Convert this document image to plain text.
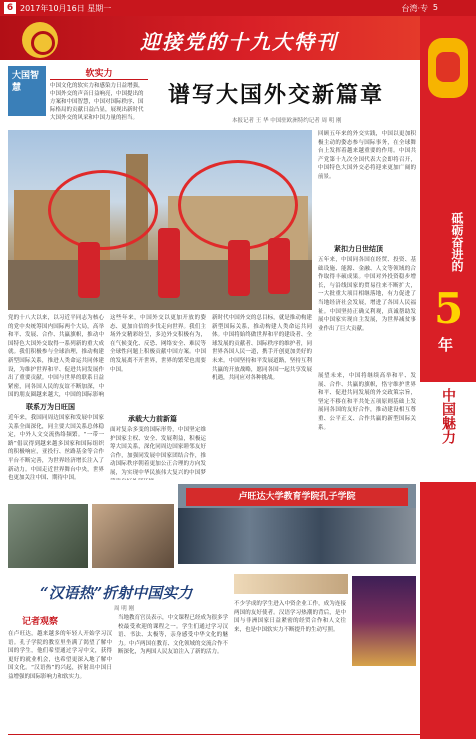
6 2017年10月16日 星期一	台湾·专 5
迎接党的十九大特刊
砥砺奋进的
5
年
中国魅力
大国智慧
软实力
中国文化的软实力和感染力日益增强，中国外交的声音日益响亮，中国提出的方案和中国智慧，中国对国际秩序、国际格局的贡献日益凸显，展现出新时代大国外交的风采和中国力量的担当。
谱写大国外交新篇章
本报记者 王 华 中国驻欧洲特约记者 周 明 刚
回顾五年来的外交实践，中国以更加积极主动的姿态参与国际事务，在全球舞台上发挥着越来越重要的作用。中国共产党第十九次全国代表大会即将召开，中国特色大国外交必将迎来更加广阔的前景。
紧扣力日世结顶
五年来，中国同各国在经贸、投资、基础设施、能源、金融、人文等领域的合作取得丰硕成果。中国对外投资稳步增长，与沿线国家的贸易往来不断扩大，一大批重大项目相继落地，有力促进了当地经济社会发展，增进了各国人民福祉。中国坚持正确义利观，真诚帮助发展中国家实现自主发展，为世界减贫事业作出了巨大贡献。
展望未来，中国将继续高举和平、发展、合作、共赢的旗帜，恪守维护世界和平、促进共同发展的外交政策宗旨，坚定不移在和平共处五项原则基础上发展同各国的友好合作，推动建设相互尊重、公平正义、合作共赢的新型国际关系。
党的十八大以来，以习近平同志为核心的党中央统筹国内国际两个大局，高举和平、发展、合作、共赢旗帜，推动中国特色大国外交取得一系列新的重大成就。我们积极参与全球治理，推动构建新型国际关系，推进人类命运共同体建设，为维护世界和平、促进共同发展作出了重要贡献。中国与世界的联系日益紧密，同各国人民的友谊不断加深，中国的朋友圈越来越大，中国的国际影响
联系万为日旺国
近年来，我国同周边国家和发展中国家关系全面深化，同主要大国关系总体稳定，中外人文交流热络频繁。“一带一路”倡议得到越来越多国家和国际组织的积极响应，亚投行、丝路基金等合作平台不断完善，为世界经济增长注入了新动力。中国走近世界舞台中央，世界也更加关注中国、期待中国。
这些年来，中国外交以更加开放的姿态、更加自信的步伐走向世界。我们主场外交精彩纷呈，多边外交积极有为，在气候变化、反恐、网络安全、难民等全球性问题上积极贡献中国方案。中国的发展离不开世界，世界的繁荣也需要中国。
承载大力前新篇
面对复杂多变的国际形势，中国坚定维护国家主权、安全、发展利益，积极运筹大国关系，深化同周边国家睦邻友好合作，加强同发展中国家团结合作，推动国际秩序朝着更加公正合理的方向发展，为实现中华民族伟大复兴的中国梦
新时代中国外交的总目标，就是推动构建新型国际关系，推动构建人类命运共同体。中国将始终做世界和平的建设者、全球发展的贡献者、国际秩序的维护者，同世界各国人民一道，携手开创更加美好的未来。中国坚持和平发展道路，坚持互利共赢的开放战略，愿同各国一起共享发展机遇，共同应对各种挑战。
卢旺达大学教育学院孔子学院
“汉语热”折射中国实力
周 明 刚
记者观察
在卢旺达，越来越多的年轻人开始学习汉语。孔子学院的教室里坐满了渴望了解中国的学生，他们希望通过学习中文，获得更好的就业机会，也希望更深入地了解中国文化。“汉语热”的兴起，折射出中国日益增强的国际影响力和软实力。
当地教育官员表示，中文课程已经成为很多学校最受欢迎的课程之一。学生们通过学习汉语、书法、太极等，亲身感受中华文化的魅力。中卢两国在教育、文化领域的交流合作不断深化，为两国人民友谊注入了新的活力。
不少学成的学生进入中资企业工作，成为连接两国的友好使者。汉语学习热潮的背后，是中国与非洲国家日益紧密的经贸合作和人文往来，也是中国软实力不断提升的生动写照。
